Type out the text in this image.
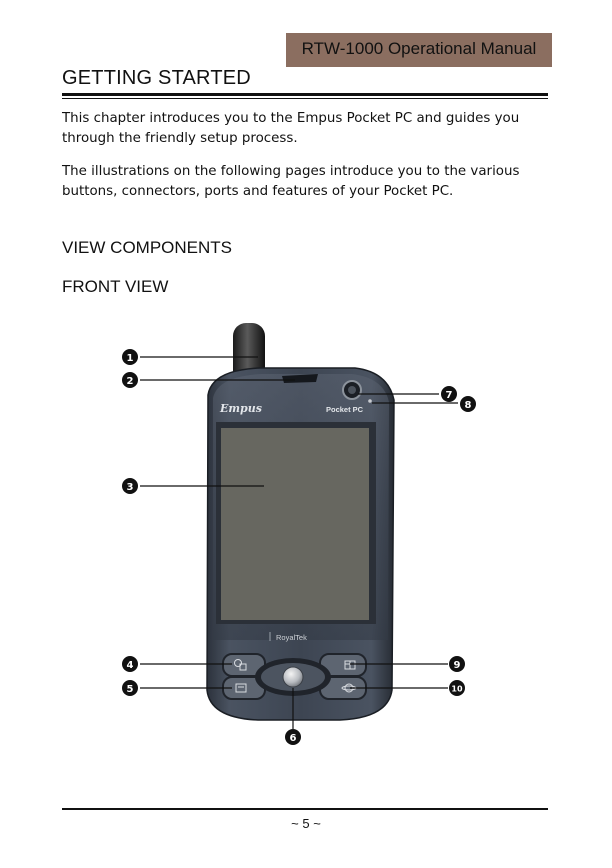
RTW-1000 Operational Manual
GETTING STARTED

This chapter introduces you to the Empus Pocket PC and guides you through the friendly setup process.

The illustrations on the following pages introduce you to the various buttons, connectors, ports and features of your Pocket PC.

VIEW COMPONENTS
FRONT VIEW
Empus	Pocket PC
RoyalTek
1
2
3
4
5
6
7
8
9
10
~ 5 ~
